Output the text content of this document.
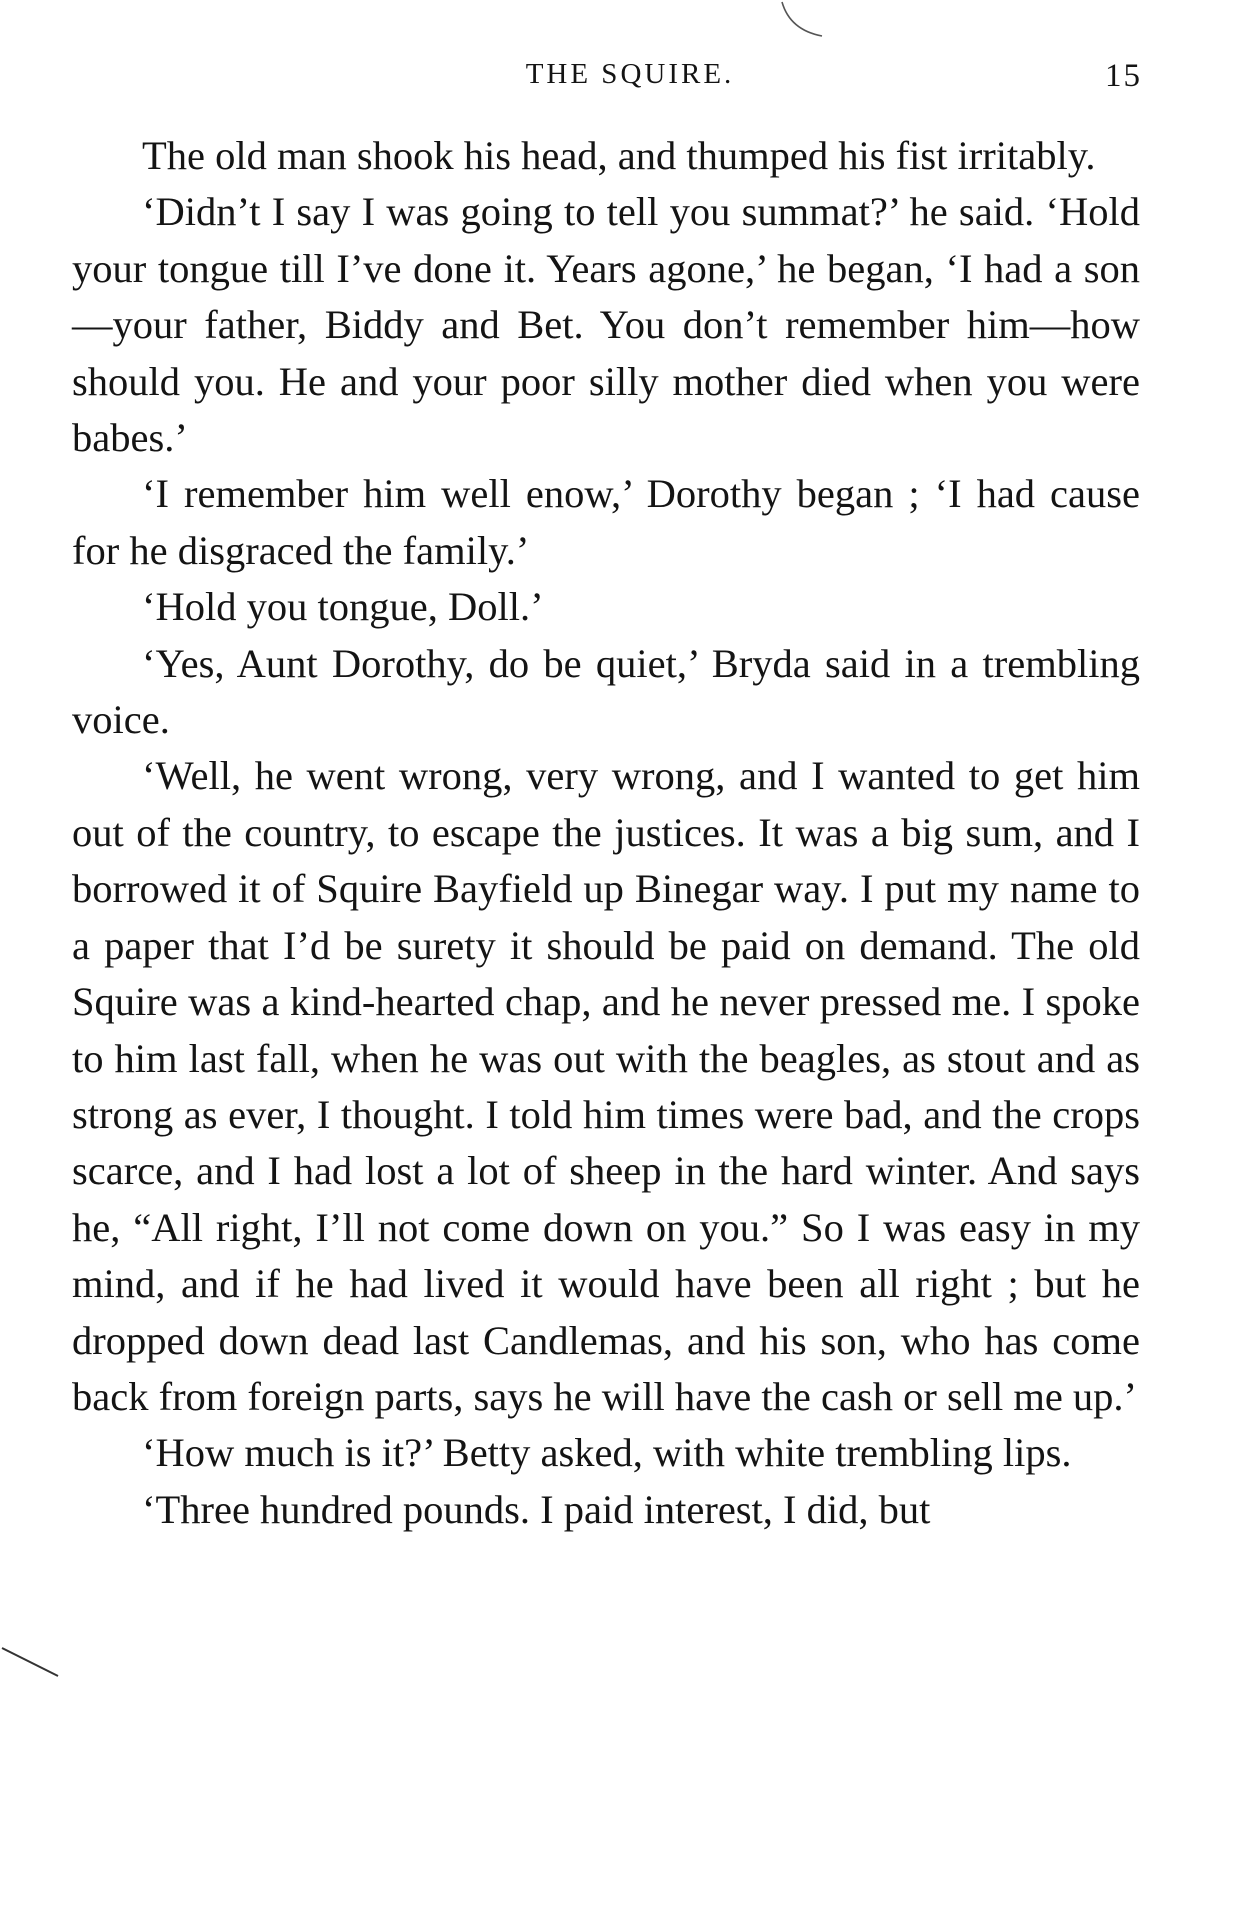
THE SQUIRE.	15

The old man shook his head, and thumped his fist irritably.

‘Didn’t I say I was going to tell you summat?’ he said. ‘Hold your tongue till I’ve done it. Years agone,’ he began, ‘I had a son—your father, Biddy and Bet. You don’t remember him—how should you. He and your poor silly mother died when you were babes.’

‘I remember him well enow,’ Dorothy began ; ‘I had cause for he disgraced the family.’

‘Hold you tongue, Doll.’

‘Yes, Aunt Dorothy, do be quiet,’ Bryda said in a trembling voice.

‘Well, he went wrong, very wrong, and I wanted to get him out of the country, to escape the justices. It was a big sum, and I borrowed it of Squire Bayfield up Binegar way. I put my name to a paper that I’d be surety it should be paid on demand. The old Squire was a kind-hearted chap, and he never pressed me. I spoke to him last fall, when he was out with the beagles, as stout and as strong as ever, I thought. I told him times were bad, and the crops scarce, and I had lost a lot of sheep in the hard winter. And says he, “All right, I’ll not come down on you.” So I was easy in my mind, and if he had lived it would have been all right ; but he dropped down dead last Candlemas, and his son, who has come back from foreign parts, says he will have the cash or sell me up.’

‘How much is it?’ Betty asked, with white trembling lips.

‘Three hundred pounds. I paid interest, I did, but
